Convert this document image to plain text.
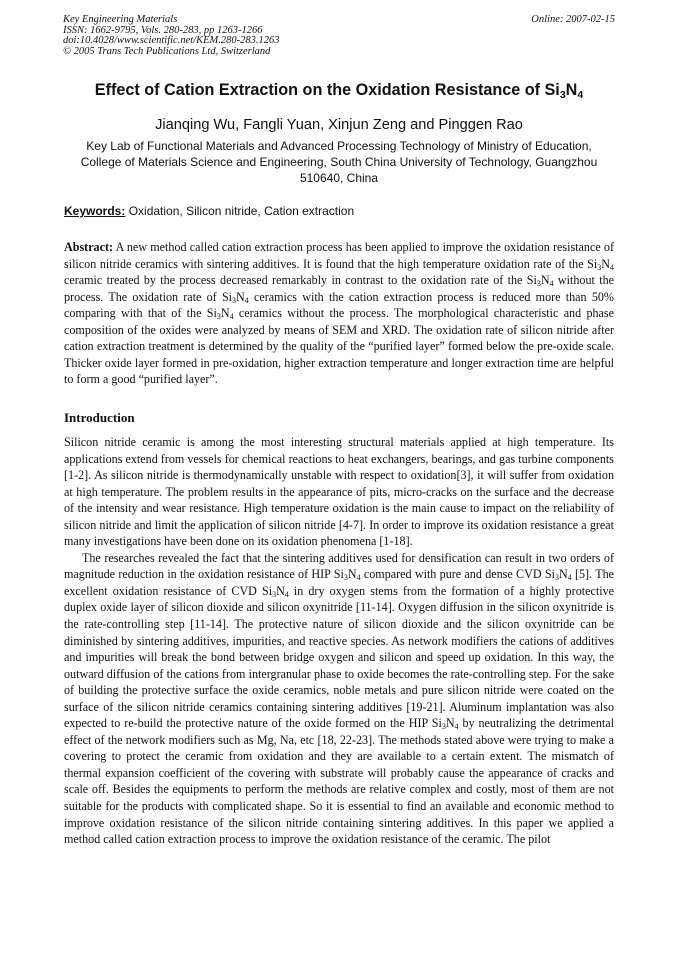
Key Engineering Materials
ISSN: 1662-9795, Vols. 280-283, pp 1263-1266
doi:10.4028/www.scientific.net/KEM.280-283.1263
© 2005 Trans Tech Publications Ltd, Switzerland
Online: 2007-02-15
Effect of Cation Extraction on the Oxidation Resistance of $Si_3N_4$
Jianqing Wu, Fangli Yuan, Xinjun Zeng and Pinggen Rao
Key Lab of Functional Materials and Advanced Processing Technology of Ministry of Education,
College of Materials Science and Engineering, South China University of Technology, Guangzhou
510640, China
Keywords: Oxidation, Silicon nitride, Cation extraction
Abstract: A new method called cation extraction process has been applied to improve the oxidation resistance of silicon nitride ceramics with sintering additives. It is found that the high temperature oxidation rate of the $Si_3N_4$ ceramic treated by the process decreased remarkably in contrast to the oxidation rate of the $Si_3N_4$ without the process. The oxidation rate of $Si_3N_4$ ceramics with the cation extraction process is reduced more than 50% comparing with that of the $Si_3N_4$ ceramics without the process. The morphological characteristic and phase composition of the oxides were analyzed by means of SEM and XRD. The oxidation rate of silicon nitride after cation extraction treatment is determined by the quality of the “purified layer” formed below the pre-oxide scale. Thicker oxide layer formed in pre-oxidation, higher extraction temperature and longer extraction time are helpful to form a good “purified layer”.
Introduction

Silicon nitride ceramic is among the most interesting structural materials applied at high temperature. Its applications extend from vessels for chemical reactions to heat exchangers, bearings, and gas turbine components [1-2]. As silicon nitride is thermodynamically unstable with respect to oxidation[3], it will suffer from oxidation at high temperature. The problem results in the appearance of pits, micro-cracks on the surface and the decrease of the intensity and wear resistance. High temperature oxidation is the main cause to impact on the reliability of silicon nitride and limit the application of silicon nitride [4-7]. In order to improve its oxidation resistance a great many investigations have been done on its oxidation phenomena [1-18].

The researches revealed the fact that the sintering additives used for densification can result in two orders of magnitude reduction in the oxidation resistance of HIP $Si_3N_4$ compared with pure and dense CVD $Si_3N_4$ [5]. The excellent oxidation resistance of CVD $Si_3N_4$ in dry oxygen stems from the formation of a highly protective duplex oxide layer of silicon dioxide and silicon oxynitride [11-14]. Oxygen diffusion in the silicon oxynitride is the rate-controlling step [11-14]. The protective nature of silicon dioxide and the silicon oxynitride can be diminished by sintering additives, impurities, and reactive species. As network modifiers the cations of additives and impurities will break the bond between bridge oxygen and silicon and speed up oxidation. In this way, the outward diffusion of the cations from intergranular phase to oxide becomes the rate-controlling step. For the sake of building the protective surface the oxide ceramics, noble metals and pure silicon nitride were coated on the surface of the silicon nitride ceramics containing sintering additives [19-21]. Aluminum implantation was also expected to re-build the protective nature of the oxide formed on the HIP $Si_3N_4$ by neutralizing the detrimental effect of the network modifiers such as Mg, Na, etc [18, 22-23]. The methods stated above were trying to make a covering to protect the ceramic from oxidation and they are available to a certain extent. The mismatch of thermal expansion coefficient of the covering with substrate will probably cause the appearance of cracks and scale off. Besides the equipments to perform the methods are relative complex and costly, most of them are not suitable for the products with complicated shape. So it is essential to find an available and economic method to improve oxidation resistance of the silicon nitride containing sintering additives. In this paper we applied a method called cation extraction process to improve the oxidation resistance of the ceramic. The pilot
